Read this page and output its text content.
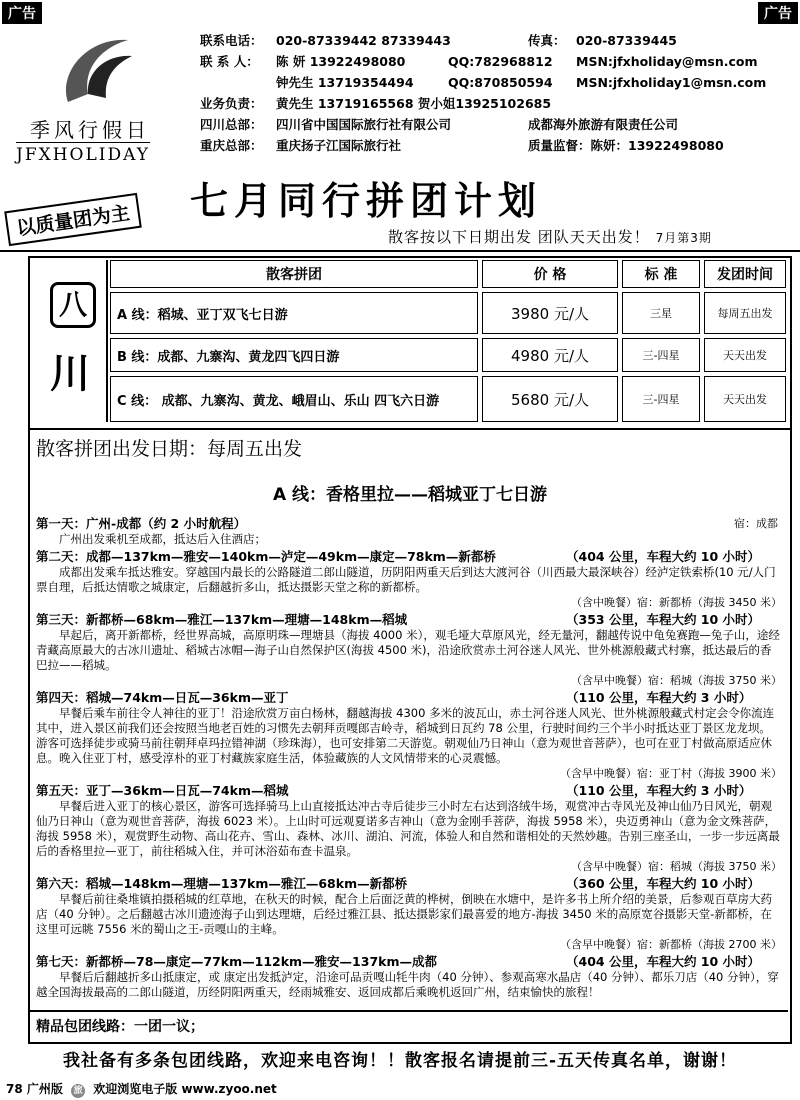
广告	广告
季风行假日
JFXHOLIDAY
联系电话： 020-87339442 87339443	传真： 020-87339445
联 系 人： 陈 妍 13922498080	QQ:782968812 MSN:jfxholiday@msn.com
钟先生 13719354494	QQ:870850594 MSN:jfxholiday1@msn.com
业务负责： 黄先生 13719165568 贺小姐13925102685
四川总部： 四川省中国国际旅行社有限公司	成都海外旅游有限责任公司
重庆总部： 重庆扬子江国际旅行社	质量监督：陈妍：13922498080
以质量团为主 七月同行拼团计划
散客按以下日期出发 团队天天出发！ 7月第3期
八
川
散客拼团	价 格	标 准	发团时间
A 线：稻城、亚丁双飞七日游	3980 元/人	三星	每周五出发
B 线：成都、九寨沟、黄龙四飞四日游	4980 元/人	三-四星	天天出发
C 线： 成都、九寨沟、黄龙、峨眉山、乐山 四飞六日游	5680 元/人	三-四星	天天出发
散客拼团出发日期：每周五出发
A 线：香格里拉——稻城亚丁七日游
第一天：广州-成都（约 2 小时航程）	宿：成都
广州出发乘机至成都，抵达后入住酒店；
第二天：成都—137km—雅安—140km—泸定—49km—康定—78km—新都桥	（404 公里，车程大约 10 小时）
成都出发乘车抵达雅安。穿越国内最长的公路隧道二郎山隧道，历阴阳两重天后到达大渡河谷（川西最大最深峡谷）经泸定铁索桥(10 元/人门票自理，后抵达情歌之城康定，后翻越折多山，抵达摄影天堂之称的新都桥。
（含中晚餐）宿：新都桥（海拔 3450 米）
第三天：新都桥—68km—雅江—137km—理塘—148km—稻城	（353 公里，车程大约 10 小时）
早起后，离开新都桥，经世界高城，高原明珠—理塘县（海拔 4000 米），观毛垭大草原风光，经无量河，翻越传说中龟兔赛跑—兔子山，途经青藏高原最大的古冰川遗址、稻城古冰帽—海子山自然保护区(海拔 4500 米)，沿途欣赏赤土河谷迷人风光、世外桃源般藏式村寨，抵达最后的香巴拉——稻城。
（含早中晚餐）宿：稻城（海拔 3750 米）
第四天：稻城—74km—日瓦—36km—亚丁	（110 公里，车程大约 3 小时）
早餐后乘车前往令人神往的亚丁！沿途欣赏万亩白杨林，翻越海拔 4300 多米的波瓦山，赤土河谷迷人风光、世外桃源般藏式村定会令你流连其中，进入景区前我们还会按照当地老百姓的习惯先去朝拜贡嘎郎吉岭寺，稻城到日瓦约 78 公里，行驶时间约三个半小时抵达亚丁景区龙龙坝。游客可选择徒步或骑马前往朝拜卓玛拉错神湖（珍珠海），也可安排第二天游览。朝观仙乃日神山（意为观世音菩萨），也可在亚丁村做高原适应休息。晚入住亚丁村，感受淳朴的亚丁村藏族家庭生活，体验藏族的人文风情带来的心灵震憾。
（含早中晚餐）宿：亚丁村（海拔 3900 米）
第五天：亚丁—36km—日瓦—74km—稻城	（110 公里，车程大约 3 小时）
早餐后进入亚丁的核心景区，游客可选择骑马上山直接抵达冲古寺后徒步三小时左右达到洛绒牛场，观赏冲古寺风光及神山仙乃日风光，朝观仙乃日神山（意为观世音菩萨，海拔 6023 米）。上山时可远观夏诺多吉神山（意为金刚手菩萨，海拔 5958 米），央迈勇神山（意为金文殊菩萨，海拔 5958 米），观赏野生动物、高山花卉、雪山、森林、冰川、湖泊、河流，体验人和自然和谐相处的天然妙趣。告别三座圣山，一步一步远离最后的香格里拉—亚丁，前往稻城入住，并可沐浴茹布查卡温泉。
（含早中晚餐）宿：稻城（海拔 3750 米）
第六天：稻城—148km—理塘—137km—雅江—68km—新都桥	（360 公里，车程大约 10 小时）
早餐后前往桑堆镇拍摄稻城的红草地，在秋天的时候，配合上后面泛黄的桦树，倒映在水塘中，是许多书上所介绍的美景，后参观百草房大药店（40 分钟）。之后翻越古冰川遗迹海子山到达理塘，后经过雅江县、抵达摄影家们最喜爱的地方-海拔 3450 米的高原宽谷摄影天堂-新都桥，在这里可远眺 7556 米的蜀山之王-贡嘎山的主峰。
（含早中晚餐）宿：新都桥（海拔 2700 米）
第七天：新都桥—78—康定—77km—112km—雅安—137km—成都	（404 公里，车程大约 10 小时）
早餐后后翻越折多山抵康定，或 康定出发抵泸定，沿途可品贡嘎山牦牛肉（40 分钟）、参观高寒水晶店（40 分钟）、都乐刀店（40 分钟），穿越全国海拔最高的二郎山隧道，历经阴阳两重天，经雨城雅安、返回成都后乘晚机返回广州，结束愉快的旅程！
精品包团线路：一团一议；
我社备有多条包团线路，欢迎来电咨询！！散客报名请提前三-五天传真名单，谢谢！
78 广州版 旅 欢迎浏览电子版 www.zyoo.net
